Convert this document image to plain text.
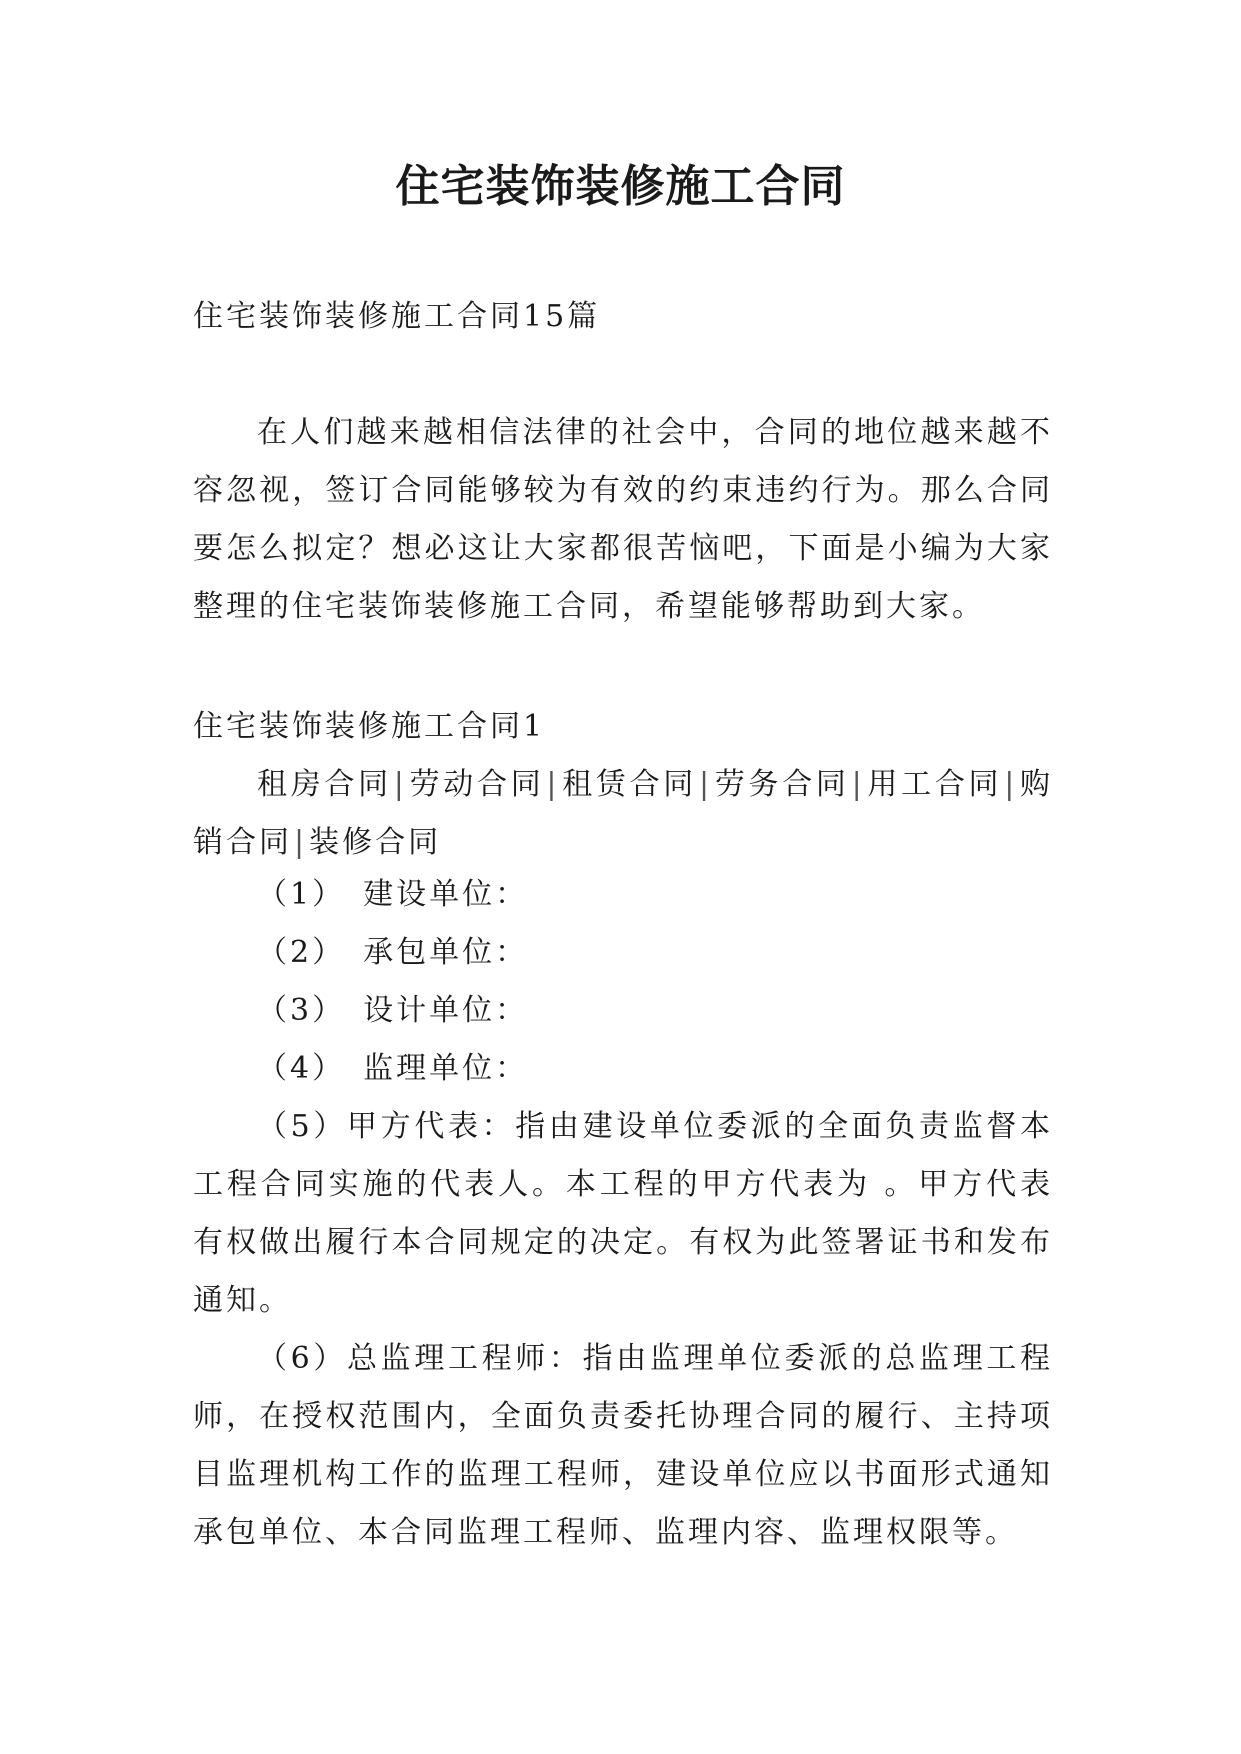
住宅装饰装修施工合同

住宅装饰装修施工合同15篇

在人们越来越相信法律的社会中，合同的地位越来越不容忽视，签订合同能够较为有效的约束违约行为。那么合同要怎么拟定？想必这让大家都很苦恼吧，下面是小编为大家整理的住宅装饰装修施工合同，希望能够帮助到大家。

住宅装饰装修施工合同1

租房合同|劳动合同|租赁合同|劳务合同|用工合同|购销合同|装修合同

（1） 建设单位：

（2） 承包单位：

（3） 设计单位：

（4） 监理单位：

（5）甲方代表：指由建设单位委派的全面负责监督本工程合同实施的代表人。本工程的甲方代表为 。甲方代表有权做出履行本合同规定的决定。有权为此签署证书和发布通知。

（6）总监理工程师：指由监理单位委派的总监理工程师，在授权范围内，全面负责委托协理合同的履行、主持项目监理机构工作的监理工程师，建设单位应以书面形式通知承包单位、本合同监理工程师、监理内容、监理权限等。
